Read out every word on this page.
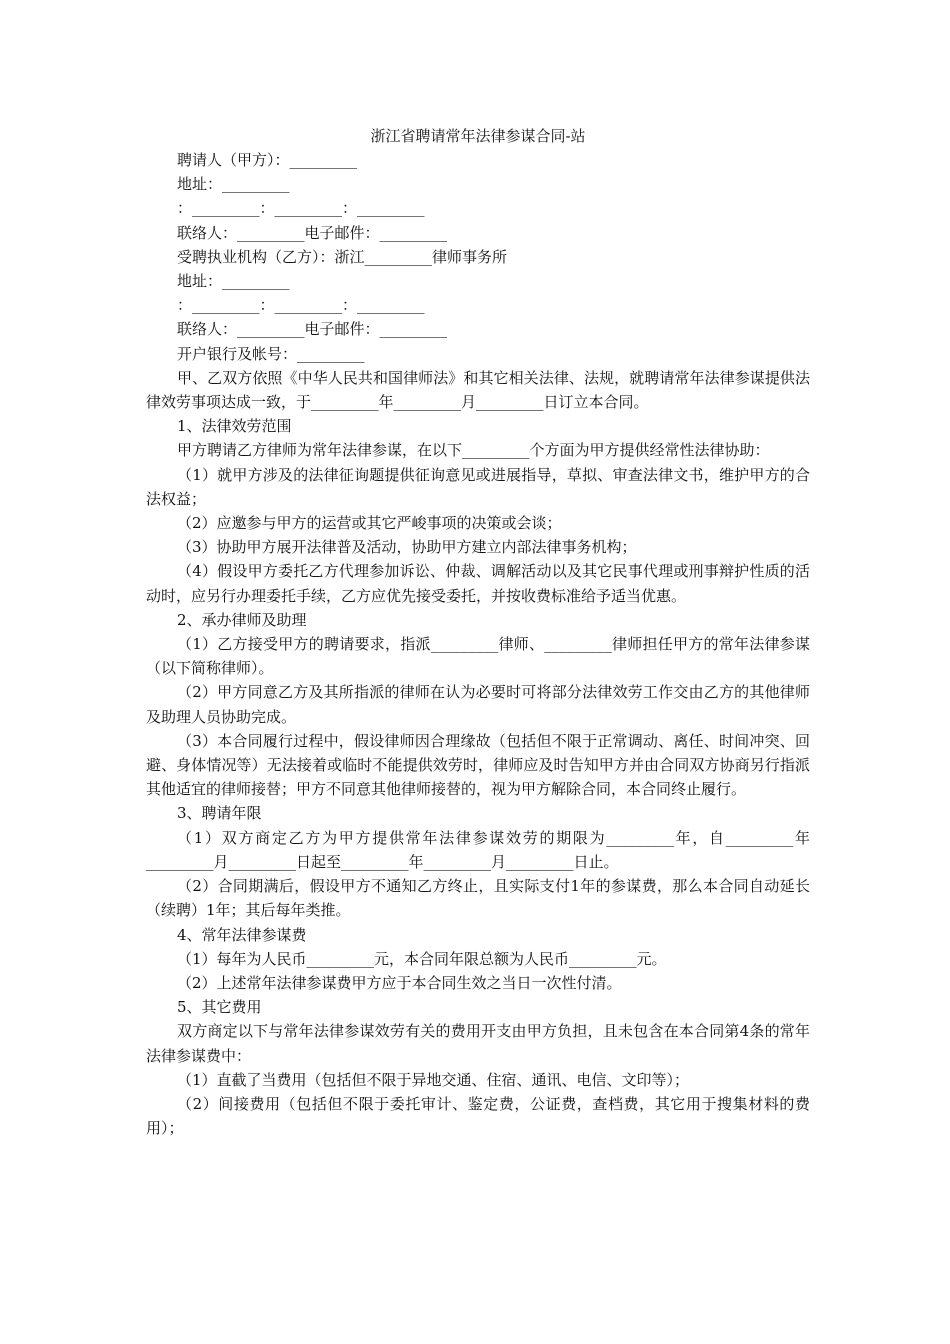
浙江省聘请常年法律参谋合同-站

聘请人（甲方）：_________

地址：_________

：_________：_________：_________

联络人：_________电子邮件：_________

受聘执业机构（乙方）：浙江_________律师事务所

地址：_________

：_________：_________：_________

联络人：_________电子邮件：_________

开户银行及帐号：_________

甲、乙双方依照《中华人民共和国律师法》和其它相关法律、法规，就聘请常年法律参谋提供法律效劳事项达成一致，于_________年_________月_________日订立本合同。

1、法律效劳范围

甲方聘请乙方律师为常年法律参谋，在以下_________个方面为甲方提供经常性法律协助：

（1）就甲方涉及的法律征询题提供征询意见或进展指导，草拟、审查法律文书，维护甲方的合法权益；

（2）应邀参与甲方的运营或其它严峻事项的决策或会谈；

（3）协助甲方展开法律普及活动，协助甲方建立内部法律事务机构；

（4）假设甲方委托乙方代理参加诉讼、仲裁、调解活动以及其它民事代理或刑事辩护性质的活动时，应另行办理委托手续，乙方应优先接受委托，并按收费标准给予适当优惠。

2、承办律师及助理

（1）乙方接受甲方的聘请要求，指派_________律师、_________律师担任甲方的常年法律参谋（以下简称律师）。

（2）甲方同意乙方及其所指派的律师在认为必要时可将部分法律效劳工作交由乙方的其他律师及助理人员协助完成。

（3）本合同履行过程中，假设律师因合理缘故（包括但不限于正常调动、离任、时间冲突、回避、身体情况等）无法接着或临时不能提供效劳时，律师应及时告知甲方并由合同双方协商另行指派其他适宜的律师接替；甲方不同意其他律师接替的，视为甲方解除合同，本合同终止履行。

3、聘请年限

（1）双方商定乙方为甲方提供常年法律参谋效劳的期限为_________年，自_________年_________月_________日起至_________年_________月_________日止。

（2）合同期满后，假设甲方不通知乙方终止，且实际支付1年的参谋费，那么本合同自动延长（续聘）1年；其后每年类推。

4、常年法律参谋费

（1）每年为人民币_________元，本合同年限总额为人民币_________元。

（2）上述常年法律参谋费甲方应于本合同生效之当日一次性付清。

5、其它费用

双方商定以下与常年法律参谋效劳有关的费用开支由甲方负担，且未包含在本合同第4条的常年法律参谋费中：

（1）直截了当费用（包括但不限于异地交通、住宿、通讯、电信、文印等）；

（2）间接费用（包括但不限于委托审计、鉴定费，公证费，查档费，其它用于搜集材料的费用）；
